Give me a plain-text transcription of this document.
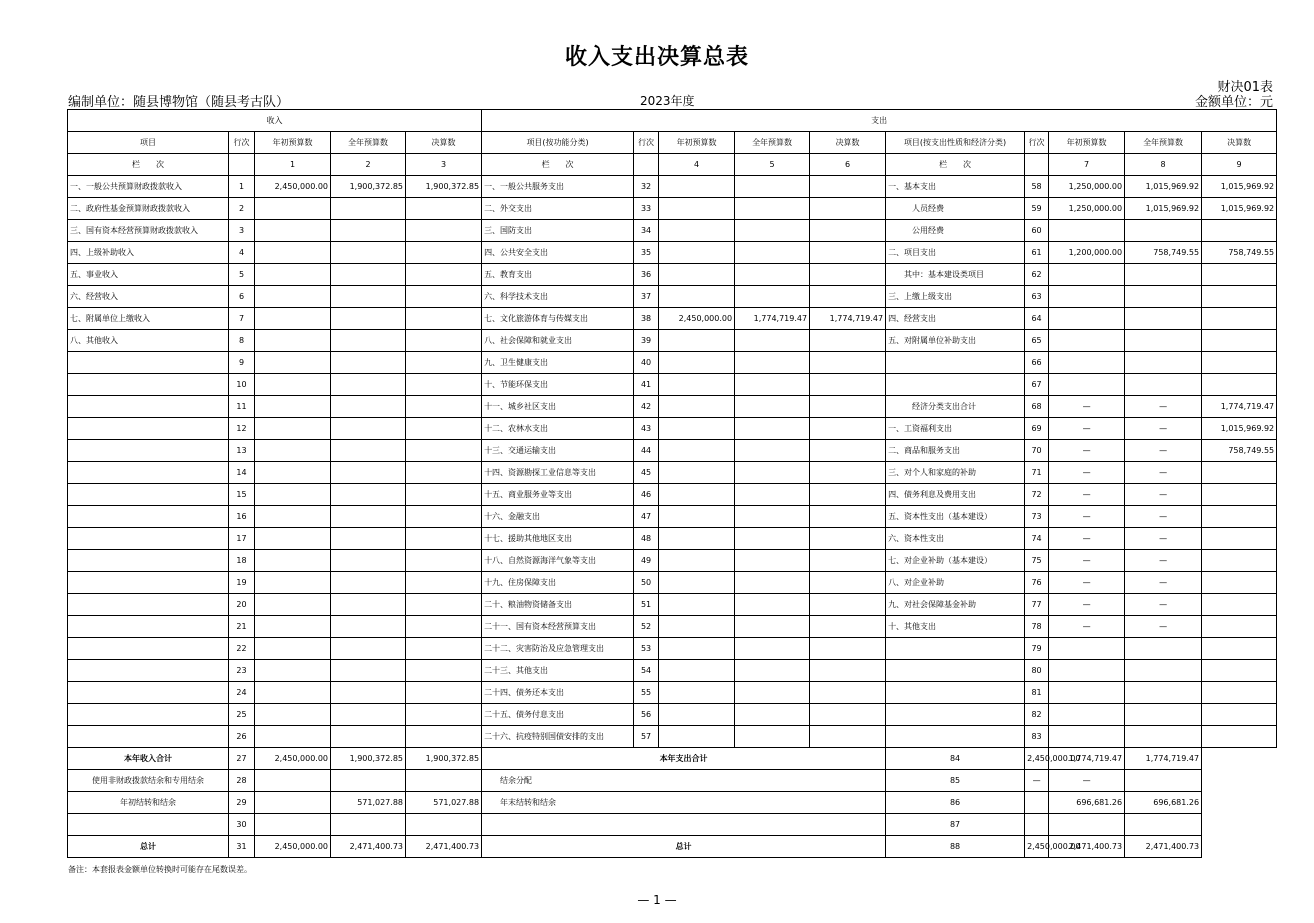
收入支出决算总表
财决01表
编制单位：随县博物馆（随县考古队）	2023年度	金额单位：元
收入					支出									
项目	行次	年初预算数	全年预算数	决算数	项目(按功能分类)	行次	年初预算数	全年预算数	决算数	项目(按支出性质和经济分类)	行次	年初预算数	全年预算数	决算数
栏　　次		1	2	3	栏　　次		4	5	6	栏　　次		7	8	9
一、一般公共预算财政拨款收入	1	2,450,000.00	1,900,372.85	1,900,372.85	一、一般公共服务支出	32				一、基本支出	58	1,250,000.00	1,015,969.92	1,015,969.92
二、政府性基金预算财政拨款收入	2				二、外交支出	33				　　　人员经费	59	1,250,000.00	1,015,969.92	1,015,969.92
三、国有资本经营预算财政拨款收入	3				三、国防支出	34				　　　公用经费	60			
四、上级补助收入	4				四、公共安全支出	35				二、项目支出	61	1,200,000.00	758,749.55	758,749.55
五、事业收入	5				五、教育支出	36				　　其中：基本建设类项目	62			
六、经营收入	6				六、科学技术支出	37				三、上缴上级支出	63			
七、附属单位上缴收入	7				七、文化旅游体育与传媒支出	38	2,450,000.00	1,774,719.47	1,774,719.47	四、经营支出	64			
八、其他收入	8				八、社会保障和就业支出	39				五、对附属单位补助支出	65			
	9				九、卫生健康支出	40					66			
	10				十、节能环保支出	41					67			
	11				十一、城乡社区支出	42				　　　经济分类支出合计	68	—	—	1,774,719.47
	12				十二、农林水支出	43				一、工资福利支出	69	—	—	1,015,969.92
	13				十三、交通运输支出	44				二、商品和服务支出	70	—	—	758,749.55
	14				十四、资源勘探工业信息等支出	45				三、对个人和家庭的补助	71	—	—	
	15				十五、商业服务业等支出	46				四、债务利息及费用支出	72	—	—	
	16				十六、金融支出	47				五、资本性支出（基本建设）	73	—	—	
	17				十七、援助其他地区支出	48				六、资本性支出	74	—	—	
	18				十八、自然资源海洋气象等支出	49				七、对企业补助（基本建设）	75	—	—	
	19				十九、住房保障支出	50				八、对企业补助	76	—	—	
	20				二十、粮油物资储备支出	51				九、对社会保障基金补助	77	—	—	
	21				二十一、国有资本经营预算支出	52				十、其他支出	78	—	—	
	22				二十二、灾害防治及应急管理支出	53					79			
	23				二十三、其他支出	54					80			
	24				二十四、债务还本支出	55					81			
	25				二十五、债务付息支出	56					82			
	26				二十六、抗疫特别国债安排的支出	57					83			
本年收入合计	27	2,450,000.00	1,900,372.85	1,900,372.85	本年支出合计					84	2,450,000.00	1,774,719.47	1,774,719.47	
使用非财政拨款结余和专用结余	28				　　结余分配					85	—	—		
年初结转和结余	29		571,027.88	571,027.88	　　年末结转和结余					86		696,681.26	696,681.26	
	30									87				
总计	31	2,450,000.00	2,471,400.73	2,471,400.73	总计					88	2,450,000.00	2,471,400.73	2,471,400.73	
备注：本套报表金额单位转换时可能存在尾数误差。
— 1 —
